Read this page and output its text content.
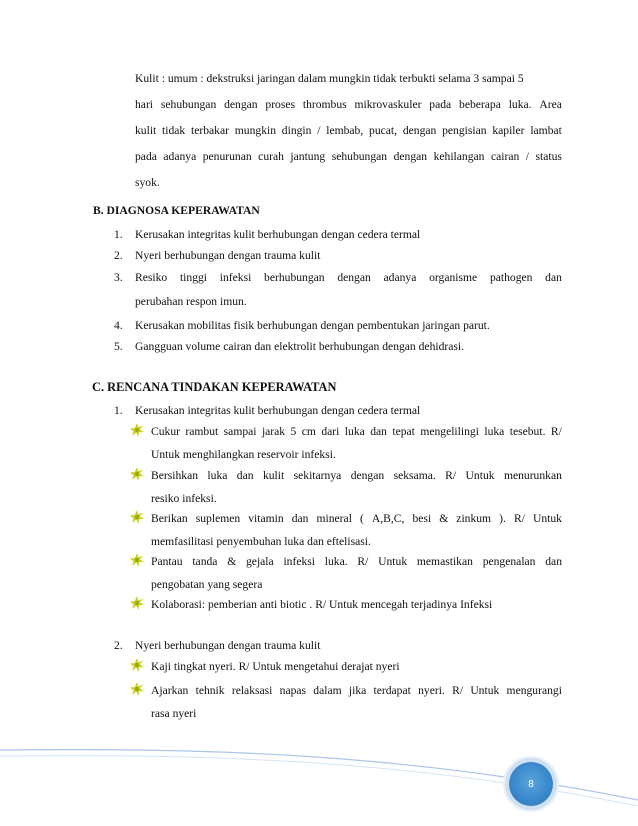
Kulit : umum : dekstruksi jaringan dalam mungkin tidak terbukti selama 3 sampai 5
hari sehubungan dengan proses thrombus mikrovaskuler pada beberapa luka. Area
kulit tidak terbakar mungkin dingin / lembab, pucat, dengan pengisian kapiler lambat
pada adanya penurunan curah jantung sehubungan dengan kehilangan cairan / status
syok.
B. DIAGNOSA KEPERAWATAN
1. Kerusakan integritas kulit berhubungan dengan cedera termal
2. Nyeri berhubungan dengan trauma kulit
3. Resiko tinggi infeksi berhubungan dengan adanya organisme pathogen dan
perubahan respon imun.
4. Kerusakan mobilitas fisik berhubungan dengan pembentukan jaringan parut.
5. Gangguan volume cairan dan elektrolit berhubungan dengan dehidrasi.
C. RENCANA TINDAKAN KEPERAWATAN
1. Kerusakan integritas kulit berhubungan dengan cedera termal
Cukur rambut sampai jarak 5 cm dari luka dan tepat mengelilingi luka tesebut. R/
Untuk menghilangkan reservoir infeksi.
Bersihkan luka dan kulit sekitarnya dengan seksama. R/ Untuk menurunkan
resiko infeksi.
Berikan suplemen vitamin dan mineral ( A,B,C, besi & zinkum ). R/ Untuk
memfasilitasi penyembuhan luka dan eftelisasi.
Pantau tanda & gejala infeksi luka. R/ Untuk memastikan pengenalan dan
pengobatan yang segera
Kolaborasi: pemberian anti biotic . R/ Untuk mencegah terjadinya Infeksi
2. Nyeri berhubungan dengan trauma kulit
Kaji tingkat nyeri. R/ Untuk mengetahui derajat nyeri
Ajarkan tehnik relaksasi napas dalam jika terdapat nyeri. R/ Untuk mengurangi
rasa nyeri
8
